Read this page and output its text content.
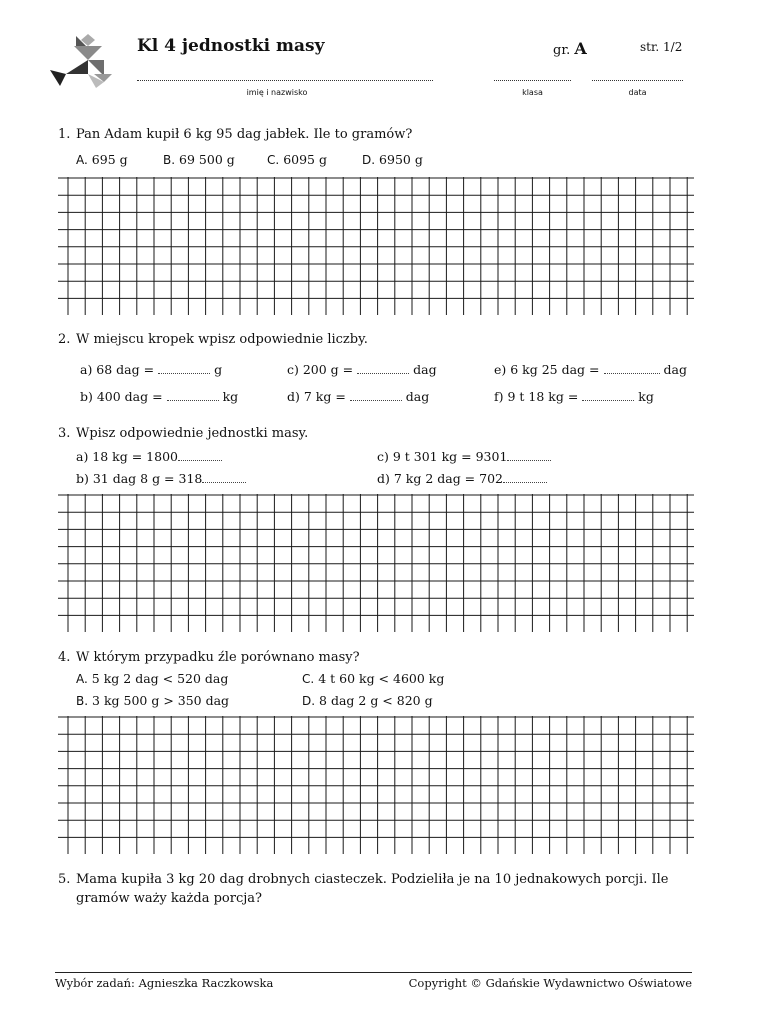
Kl 4 jednostki masy	gr. A	str. 1/2
imię i nazwisko	klasa	data
1. Pan Adam kupił 6 kg 95 dag jabłek. Ile to gramów?
A. 695 g	B. 69 500 g	C. 6095 g	D. 6950 g
2. W miejscu kropek wpisz odpowiednie liczby.
a) 68 dag =	g	c) 200 g =	dag	e) 6 kg 25 dag =	dag
b) 400 dag =	kg	d) 7 kg =	dag	f) 9 t 18 kg =	kg
3. Wpisz odpowiednie jednostki masy.
a) 18 kg = 1800	c) 9 t 301 kg = 9301
b) 31 dag 8 g = 318	d) 7 kg 2 dag = 702
4. W którym przypadku źle porównano masy?
A. 5 kg 2 dag < 520 dag	C. 4 t 60 kg < 4600 kg
B. 3 kg 500 g > 350 dag	D. 8 dag 2 g < 820 g
5. Mama kupiła 3 kg 20 dag drobnych ciasteczek. Podzieliła je na 10 jednakowych porcji. Ile
gramów waży każda porcja?
Wybór zadań: Agnieszka Raczkowska	Copyright © Gdańskie Wydawnictwo Oświatowe
